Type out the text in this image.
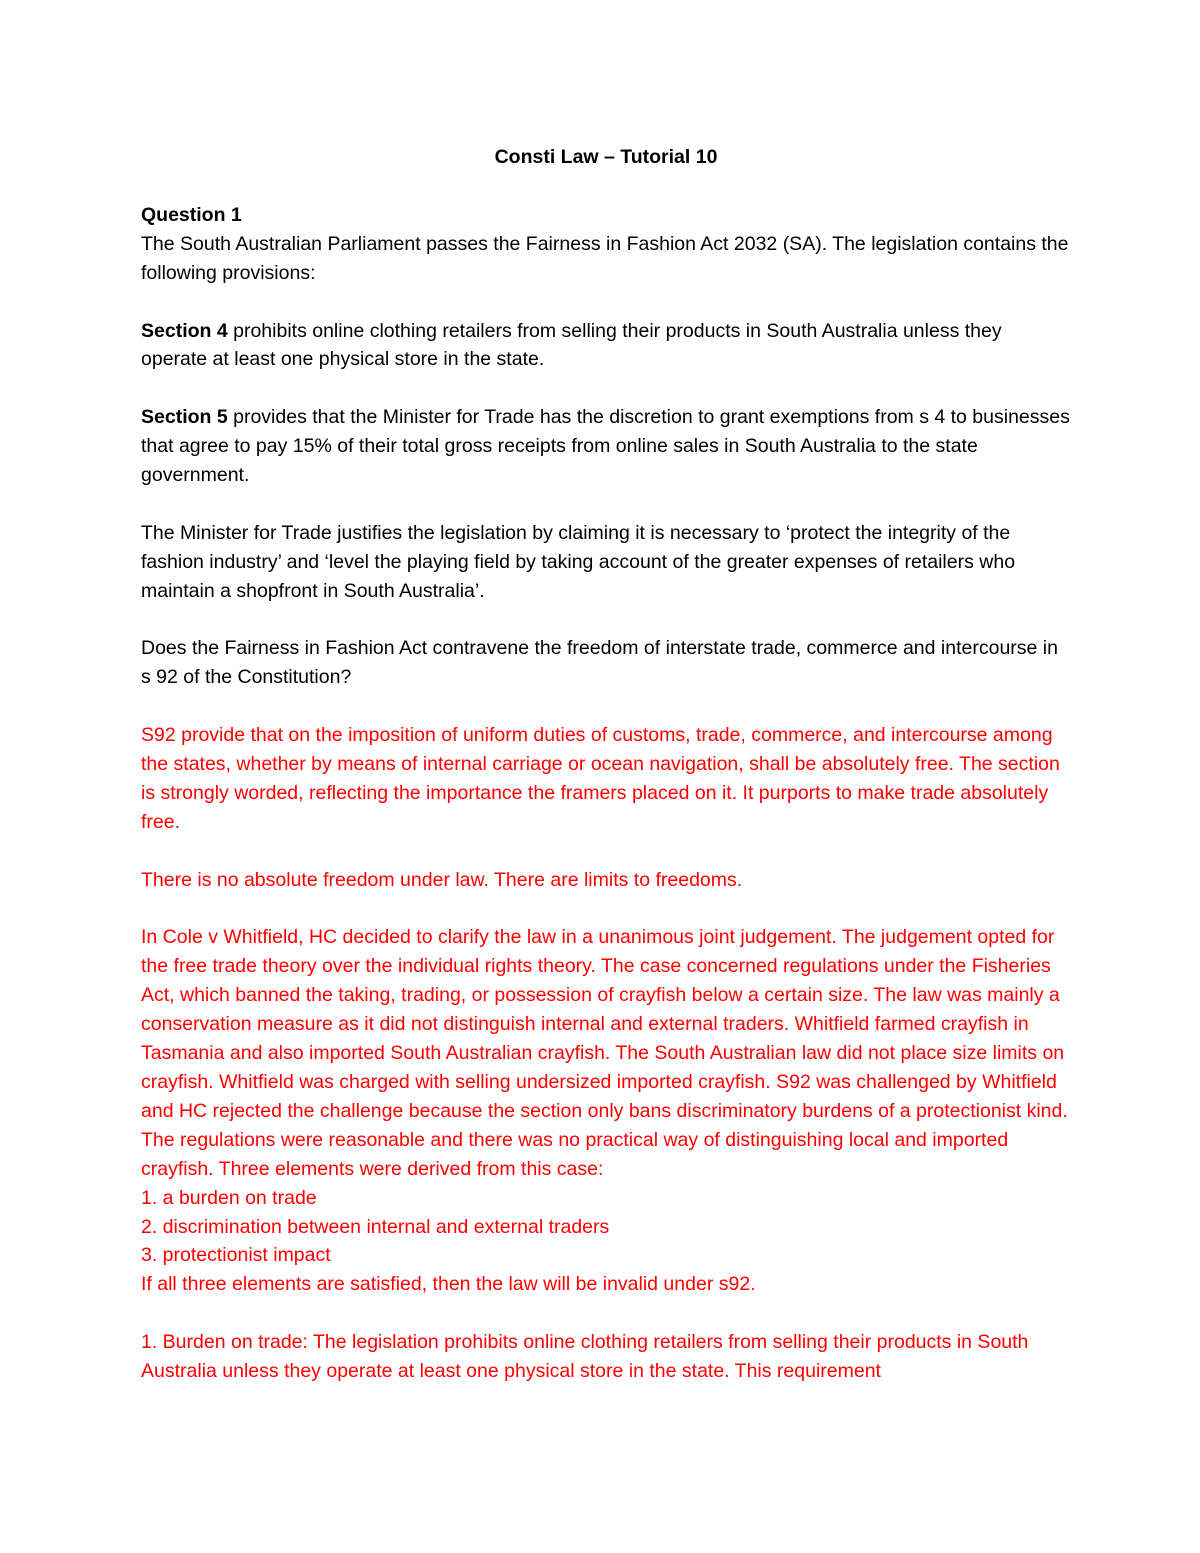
Consti Law – Tutorial 10

Question 1
The South Australian Parliament passes the Fairness in Fashion Act 2032 (SA). The legislation contains the following provisions:

Section 4 prohibits online clothing retailers from selling their products in South Australia unless they operate at least one physical store in the state.

Section 5 provides that the Minister for Trade has the discretion to grant exemptions from s 4 to businesses that agree to pay 15% of their total gross receipts from online sales in South Australia to the state government.

The Minister for Trade justifies the legislation by claiming it is necessary to ‘protect the integrity of the fashion industry’ and ‘level the playing field by taking account of the greater expenses of retailers who maintain a shopfront in South Australia’.

Does the Fairness in Fashion Act contravene the freedom of interstate trade, commerce and intercourse in s 92 of the Constitution?

S92 provide that on the imposition of uniform duties of customs, trade, commerce, and intercourse among the states, whether by means of internal carriage or ocean navigation, shall be absolutely free. The section is strongly worded, reflecting the importance the framers placed on it. It purports to make trade absolutely free.

There is no absolute freedom under law. There are limits to freedoms.

In Cole v Whitfield, HC decided to clarify the law in a unanimous joint judgement. The judgement opted for the free trade theory over the individual rights theory. The case concerned regulations under the Fisheries Act, which banned the taking, trading, or possession of crayfish below a certain size. The law was mainly a conservation measure as it did not distinguish internal and external traders. Whitfield farmed crayfish in Tasmania and also imported South Australian crayfish. The South Australian law did not place size limits on crayfish. Whitfield was charged with selling undersized imported crayfish. S92 was challenged by Whitfield and HC rejected the challenge because the section only bans discriminatory burdens of a protectionist kind. The regulations were reasonable and there was no practical way of distinguishing local and imported crayfish. Three elements were derived from this case:
1. a burden on trade
2. discrimination between internal and external traders
3. protectionist impact
If all three elements are satisfied, then the law will be invalid under s92.

1. Burden on trade: The legislation prohibits online clothing retailers from selling their products in South Australia unless they operate at least one physical store in the state. This requirement
